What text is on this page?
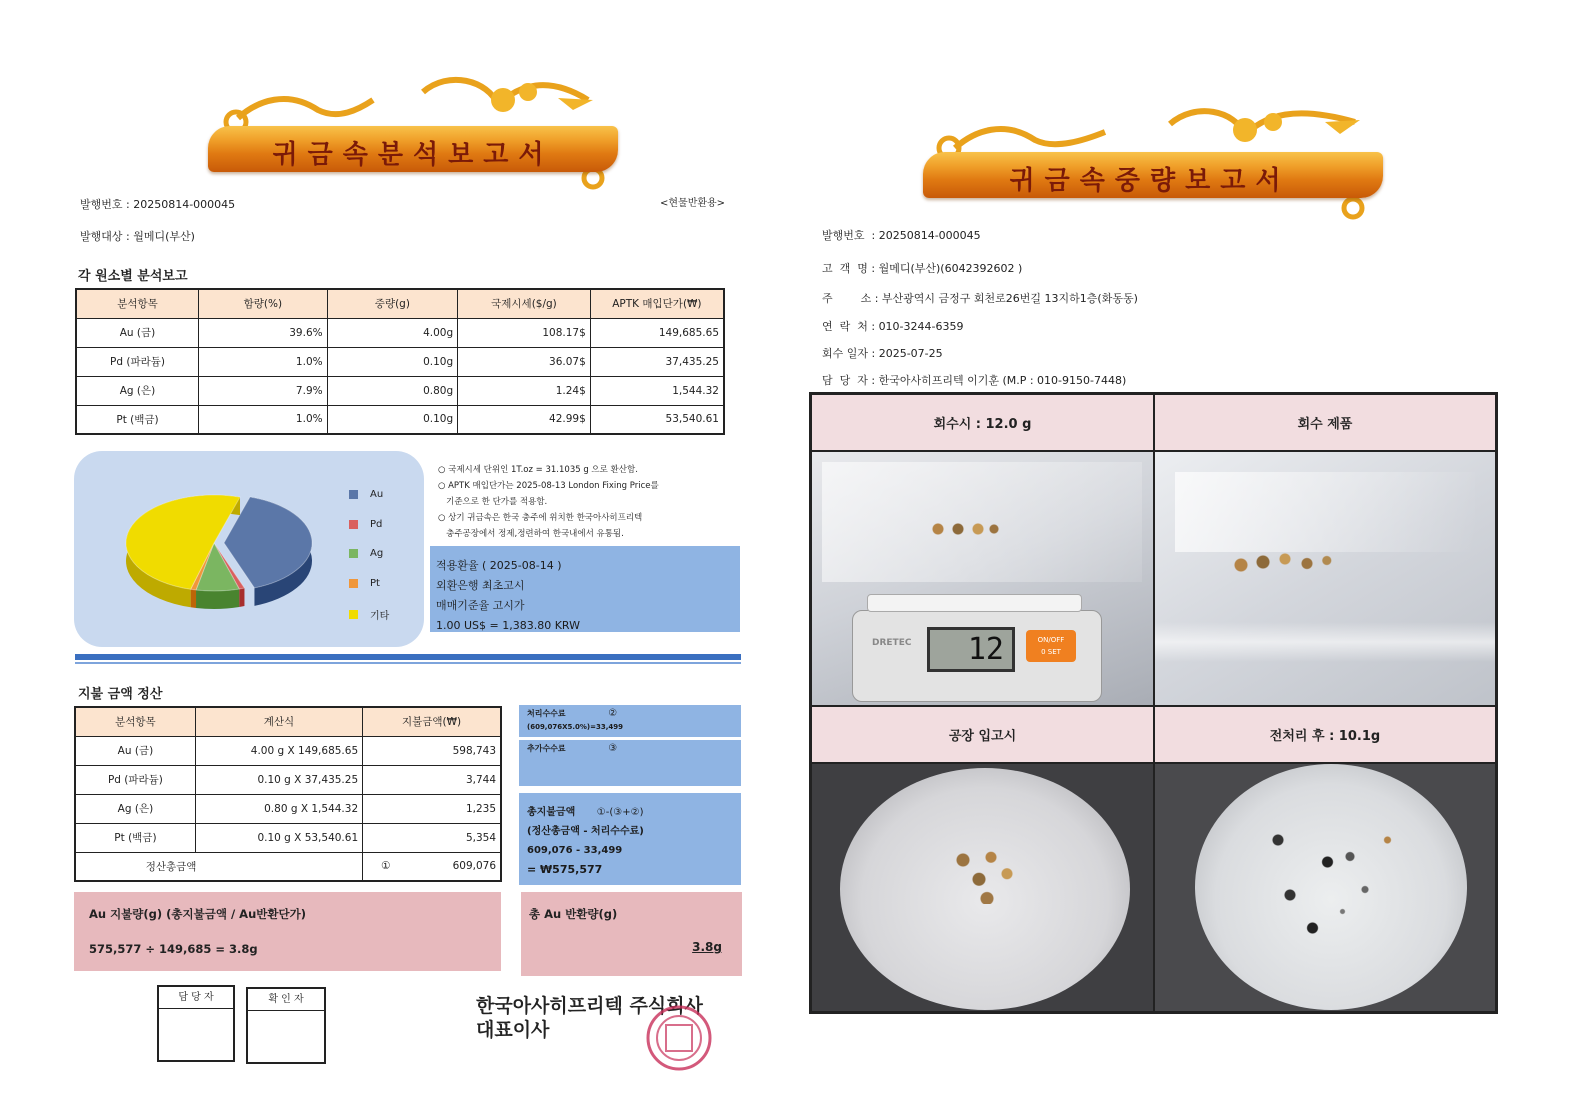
귀금속분석보고서
발행번호 : 20250814-000045	<현물반환용>
발행대상 : 월메디(부산)
각 원소별 분석보고
분석항목	함량(%)	중량(g)	국제시세($/g)	APTK 매입단가(₩)
Au (금)	39.6%	4.00g	108.17$	149,685.65
Pd (파라듐)	1.0%	0.10g	36.07$	37,435.25
Ag (은)	7.9%	0.80g	1.24$	1,544.32
Pt (백금)	1.0%	0.10g	42.99$	53,540.61
Au
Pd
Ag
Pt
기타
○ 국제시세 단위인 1T.oz = 31.1035 g 으로 환산함.
○ APTK 매입단가는 2025-08-13 London Fixing Price를
기준으로 한 단가를 적용함.
○ 상기 귀금속은 한국 충주에 위치한 한국아사히프리텍
충주공장에서 정제,정련하여 한국내에서 유통됨.
적용환율 ( 2025-08-14 )
외환은행 최초고시
매매기준율 고시가
1.00 US$ = 1,383.80 KRW
지불 금액 정산
분석항목	계산식	지불금액(₩)
Au (금)	4.00 g X 149,685.65	598,743
Pd (파라듐)	0.10 g X 37,435.25	3,744
Ag (은)	0.80 g X 1,544.32	1,235
Pt (백금)	0.10 g X 53,540.61	5,354
정산총금액		① 609,076
처리수수료	②
(609,076X5.0%)=33,499
추가수수료	③
총지불금액 ①-(③+②)
(정산총금액 - 처리수수료)
609,076 - 33,499
= ₩575,577
Au 지불량(g) (총지불금액 / Au반환단가)
575,577 ÷ 149,685 = 3.8g
총 Au 반환량(g)
3.8g
담 당 자	확 인 자	한국아사히프리텍 주식회사
대표이사
귀금속중량보고서
발행번호  : 20250814-000045
고  객  명 : 월메디(부산)(6042392602 )
주        소 : 부산광역시 금정구 회천로26번길 13지하1층(화동동)
연  락  처 : 010-3244-6359
회수 일자 : 2025-07-25
담  당  자 : 한국아사히프리텍 이기훈 (M.P : 010-9150-7448)
회수시 : 12.0 g	회수 제품
DRETEC	12	ON/OFF
0 SET
공장 입고시	전처리 후 : 10.1g
